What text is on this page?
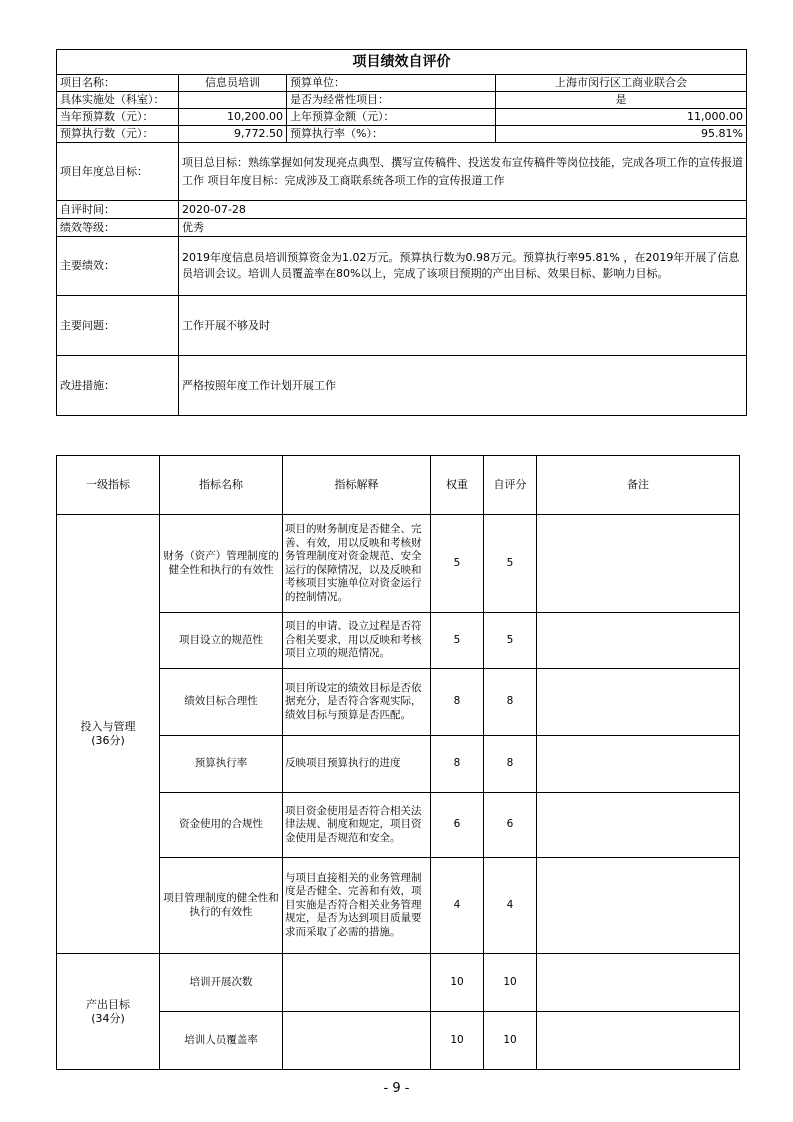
项目绩效自评价			
项目名称：	信息员培训	预算单位：	上海市闵行区工商业联合会
具体实施处（科室）：		是否为经常性项目：	是
当年预算数（元）：	10,200.00	上年预算金额（元）：	11,000.00
预算执行数（元）：	9,772.50	预算执行率（%）：	95.81%
项目年度总目标：	项目总目标：熟练掌握如何发现亮点典型、撰写宣传稿件、投送发布宣传稿件等岗位技能，完成各项工作的宣传报道工作 项目年度目标：完成涉及工商联系统各项工作的宣传报道工作		
自评时间：	2020-07-28		
绩效等级：	优秀		
主要绩效：	2019年度信息员培训预算资金为1.02万元。预算执行数为0.98万元。预算执行率95.81% ，在2019年开展了信息员培训会议。培训人员覆盖率在80%以上，完成了该项目预期的产出目标、效果目标、影响力目标。		
主要问题：	工作开展不够及时		
改进措施：	严格按照年度工作计划开展工作		
一级指标	指标名称	指标解释	权重	自评分	备注
投入与管理
(36分)	财务（资产）管理制度的健全性和执行的有效性	项目的财务制度是否健全、完善、有效，用以反映和考核财务管理制度对资金规范、安全运行的保障情况，以及反映和考核项目实施单位对资金运行的控制情况。	5	5	
	项目设立的规范性	项目的申请、设立过程是否符合相关要求，用以反映和考核项目立项的规范情况。	5	5	
	绩效目标合理性	项目所设定的绩效目标是否依据充分，是否符合客观实际，绩效目标与预算是否匹配。	8	8	
	预算执行率	反映项目预算执行的进度	8	8	
	资金使用的合规性	项目资金使用是否符合相关法律法规、制度和规定，项目资金使用是否规范和安全。	6	6	
	项目管理制度的健全性和执行的有效性	与项目直接相关的业务管理制度是否健全、完善和有效，项目实施是否符合相关业务管理规定，是否为达到项目质量要求而采取了必需的措施。	4	4	
产出目标
(34分)	培训开展次数		10	10	
	培训人员覆盖率		10	10	
- 9 -
